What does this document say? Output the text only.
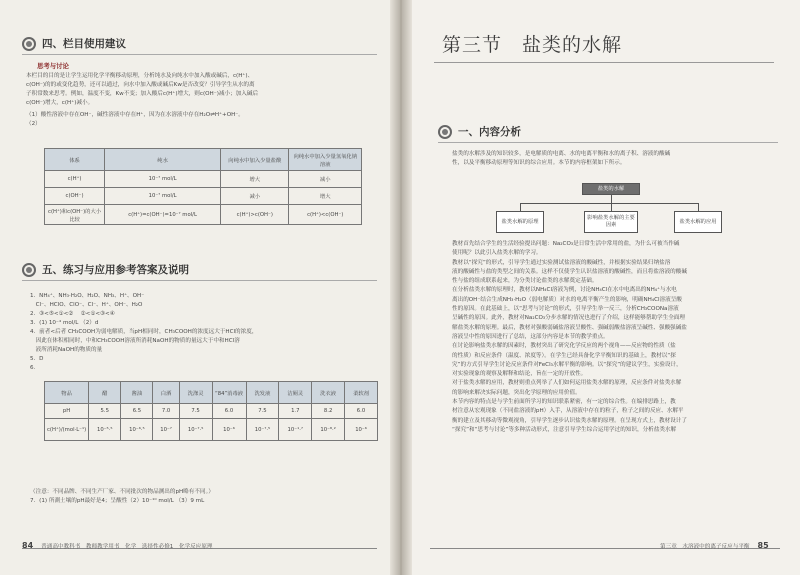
四、栏目使用建议
思考与讨论
本栏目的目的是让学生运用化学平衡移动原理，分析纯水及向纯水中加入酸或碱后，c(H⁺)、
c(OH⁻)的的或变化趋势，还可以通过，向水中加入酸或碱后Kw是否改变？引导学生从水的离
子积常数来思考。例如，温度不变，Kw不变；加入酸后c(H⁺)增大，则c(OH⁻)减小；加入碱后
c(OH⁻)增大，c(H⁺)减小。
（1）酸性溶液中存在OH⁻，碱性溶液中存在H⁺，因为在水溶液中存在H₂O⇌H⁺+OH⁻。
（2）
体系	纯水	向纯水中加入少量盐酸	向纯水中加入少量氢氧化钠溶液
c(H⁺)	10⁻⁷ mol/L	增大	减小
c(OH⁻)	10⁻⁷ mol/L	减小	增大
c(H⁺)和c(OH⁻)的大小比较	c(H⁺)=c(OH⁻)=10⁻⁷ mol/L	c(H⁺)>c(OH⁻)	c(H⁺)<c(OH⁻)
五、练习与应用参考答案及说明
1．NH₄⁺、NH₃·H₂O、H₂O、NH₃、H⁺、OH⁻
　Cl⁻、HClO、ClO⁻、Cl⁻、H⁺、OH⁻、H₂O
2．③<⑤<①<② 　②<①<③<④
3．(1) 10⁻⁴ mol/L （2）d
4．前者<后者 CH₃COOH为弱电解质，当pH相同时，CH₃COOH的浓度远大于HCl的浓度，
　因此在体积相同时，中和CH₃COOH溶液所消耗NaOH的物质的量远大于中和HCl溶
　液所消耗NaOH的物质的量
5．D
6.
物品	醋	酱油	白酒	洗涤灵	“84”消毒液	洗发液	洁厕灵	洗衣液	柔软剂
pH	5.5	6.5	7.0	7.5	6.0	7.5	1.7	8.2	6.0
c(H⁺)/(mol·L⁻¹)	10⁻⁵·⁵	10⁻⁶·⁵	10⁻⁷	10⁻⁷·⁵	10⁻⁶	10⁻⁷·⁵	10⁻¹·⁷	10⁻⁸·²	10⁻⁶
（注意：不同品牌、不同生产厂家、不同批次的物品测出的pH略有不同。）
7．(1) 所測土壤的pH最好是4；呈酸性（2）10⁻¹⁰ mol/L （3）9 mL
84 普通高中教科书　教师教学用书　化学　选择性必修1　化学反应原理
第三节　盐类的水解
一、内容分析
盐类的水解涉及的知识较多，是电解质的电离、水的电离平衡和水的离子积、溶液的酸碱
性，以及平衡移动原理等知识的综合应用。本节的内容框架如下所示。
盐类的水解
盐类水解的原理
影响盐类水解的主要因素
盐类水解的应用
教材首先结合学生的生活经验提出问题：Na₂CO₃是日常生活中常用的盐，为什么可被当作碱
使用呢？以此引入盐类水解的学习。
教材以“探究”的形式，引导学生通过实验测试盐溶液的酸碱性，并根据实验结果归纳盐溶
液的酸碱性与盐的类型之间的关系。这样不仅使学生认识盐溶液的酸碱性，而且将盐溶液的酸碱
性与盐的组成联系起来，为分类讨论盐类的水解奠定基础。
在分析盐类水解的原理时，教材以NH₄Cl溶液为例，讨论NH₄Cl在水中电离出的NH₄⁺与水电
离出的OH⁻结合生成NH₃·H₂O（弱电解质）对水的电离平衡产生的影响，明确NH₄Cl溶液呈酸
性的原因。在此基础上，以“思考与讨论”的形式，引导学生举一反三，分析CH₃COONa溶液
呈碱性的原因。此外，教材对Na₂CO₃分步水解的情况也进行了介绍，这样能够帮助学生全面理
解盐类水解的原理。最后，教材对强酸弱碱盐溶液呈酸性、强碱弱酸盐溶液呈碱性、强酸强碱盐
溶液呈中性的原因进行了总结，这部分内容是本节的教学重点。
在讨论影响盐类水解的因素时，教材突出了研究化学反应的两个视角——反应物的性质（盐
的性质）和反应条件（温度、浓度等）。在学生已经具备化学平衡知识的基础上，教材以“探
究”的方式引导学生讨论反应条件对FeCl₃水解平衡的影响。以“探究”的建议学生，实验设计，
对实验现象的观察及解释和结论，旨在一定的开放性。
对于盐类水解的应用，教材则重点列举了人们如何运用盐类水解的原理，反应条件对盐类水解
的影响来解决实际问题，突出化学原理的应用价值。
本节内容的特点是与学生前面所学习的知识联系紧密，有一定的综合性。在编排思路上，教
材注意从宏观现象（不同盐溶液的pH）入手，从溶液中存在的粒子，粒子之间的反应、水解平
衡的建立及其移动等微观视角，引导学生逐步认识盐类水解的原理。在呈现方式上，教材设计了
“探究”和“思考与讨论”等多种活动形式，注意引导学生综合运用学过的知识，分析盐类水解
第三章　水溶液中的离子反应与平衡 85
